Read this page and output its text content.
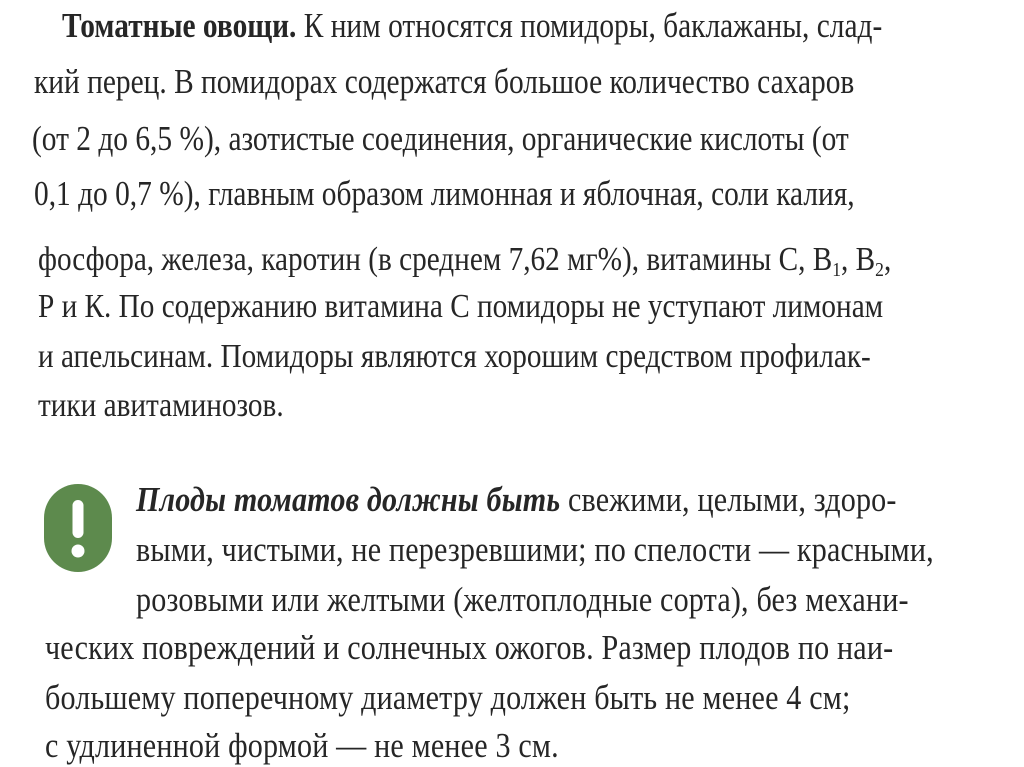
Томатные овощи. К ним относятся помидоры, баклажаны, слад-
кий перец. В помидорах содержатся большое количество сахаров
(от 2 до 6,5 %), азотистые соединения, органические кислоты (от
0,1 до 0,7 %), главным образом лимонная и яблочная, соли калия,
фосфора, железа, каротин (в среднем 7,62 мг%), витамины С, $В_1$, $В_2$,
Р и К. По содержанию витамина С помидоры не уступают лимонам
и апельсинам. Помидоры являются хорошим средством профилак-
тики авитаминозов.
Плоды томатов должны быть свежими, целыми, здоро-
выми, чистыми, не перезревшими; по спелости — красными,
розовыми или желтыми (желтоплодные сорта), без механи-
ческих повреждений и солнечных ожогов. Размер плодов по наи-
большему поперечному диаметру должен быть не менее 4 см;
с удлиненной формой — не менее 3 см.
